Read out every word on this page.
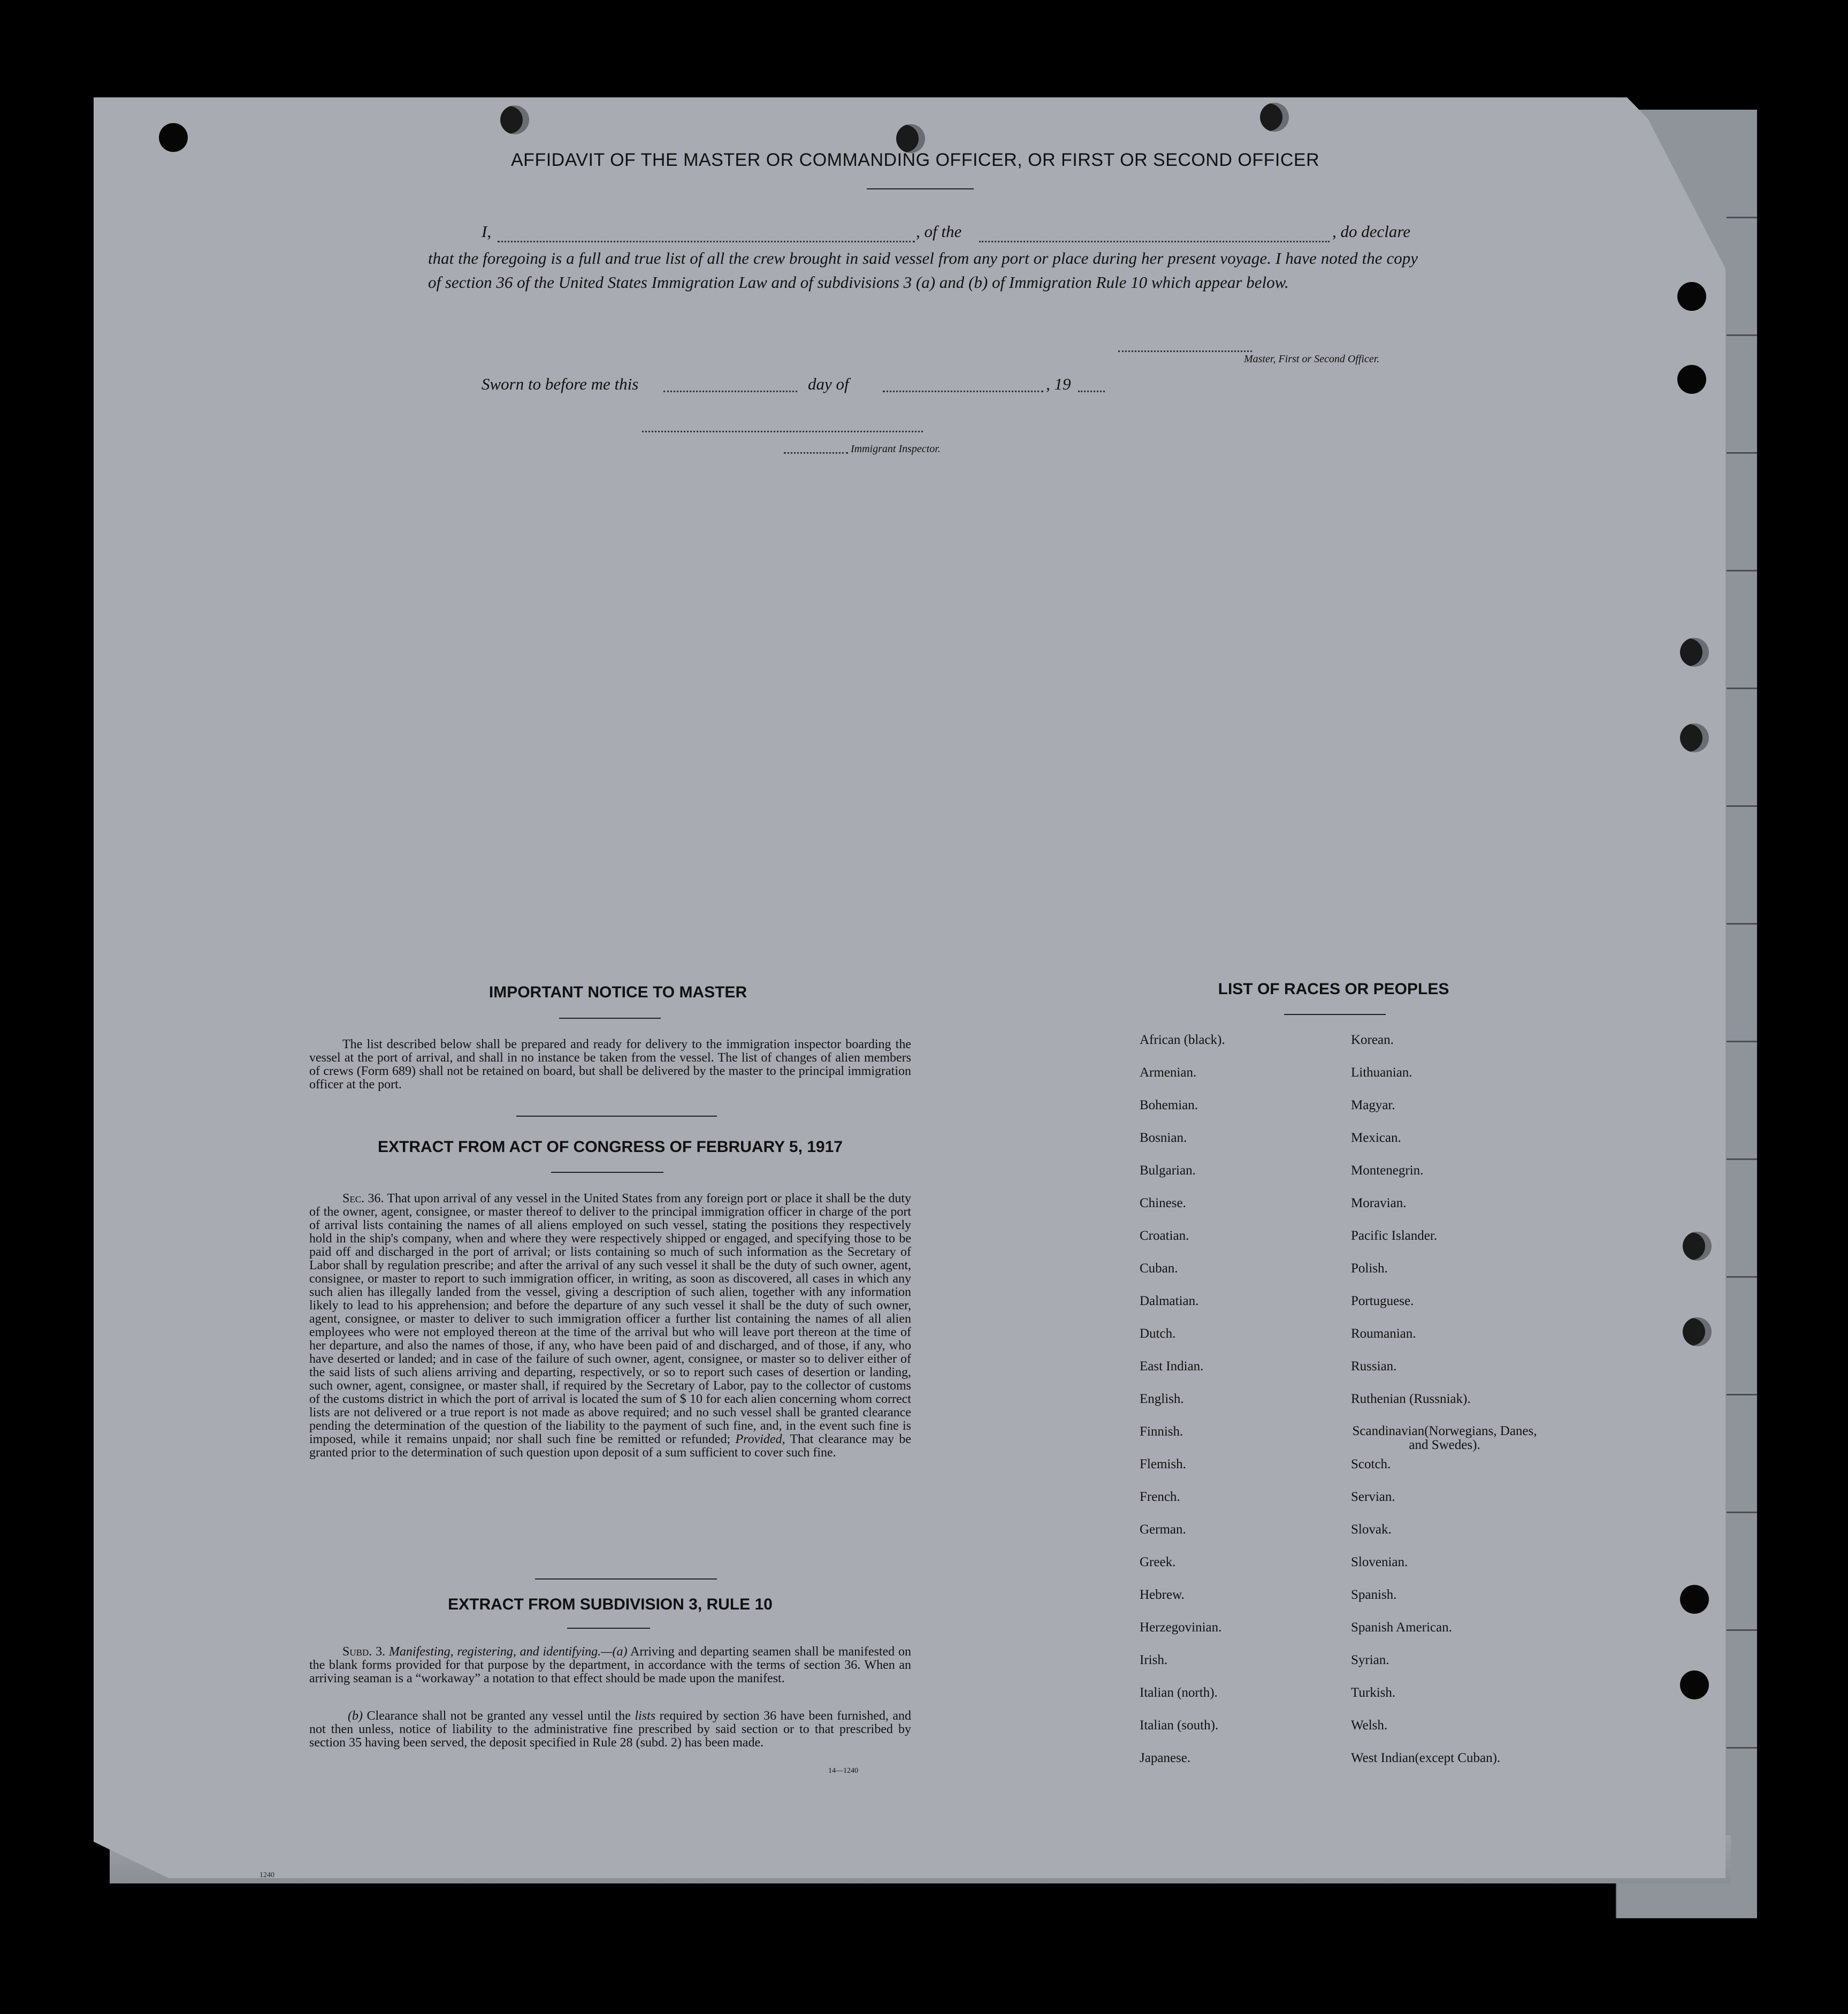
AFFIDAVIT OF THE MASTER OR COMMANDING OFFICER, OR FIRST OR SECOND OFFICER
I,	, of the	, do declare
that the foregoing is a full and true list of all the crew brought in said vessel from any port or place during her present voyage. I have noted the copy of section 36 of the United States Immigration Law and of subdivisions 3 (a) and (b) of Immigration Rule 10 which appear below.
Master, First or Second Officer.
Sworn to before me this	day of	, 19
Immigrant Inspector.
IMPORTANT NOTICE TO MASTER
The list described below shall be prepared and ready for delivery to the immigration inspector boarding the vessel at the port of arrival, and shall in no instance be taken from the vessel. The list of changes of alien members of crews (Form 689) shall not be retained on board, but shall be delivered by the master to the principal immigration officer at the port.
EXTRACT FROM ACT OF CONGRESS OF FEBRUARY 5, 1917
Sec. 36. That upon arrival of any vessel in the United States from any foreign port or place it shall be the duty of the owner, agent, consignee, or master thereof to deliver to the principal immigration officer in charge of the port of arrival lists containing the names of all aliens employed on such vessel, stating the positions they respectively hold in the ship's company, when and where they were respectively shipped or engaged, and specifying those to be paid off and discharged in the port of arrival; or lists containing so much of such information as the Secretary of Labor shall by regulation prescribe; and after the arrival of any such vessel it shall be the duty of such owner, agent, consignee, or master to report to such immigration officer, in writing, as soon as discovered, all cases in which any such alien has illegally landed from the vessel, giving a description of such alien, together with any information likely to lead to his apprehension; and before the departure of any such vessel it shall be the duty of such owner, agent, consignee, or master to deliver to such immigration officer a further list containing the names of all alien employees who were not employed thereon at the time of the arrival but who will leave port thereon at the time of her departure, and also the names of those, if any, who have been paid of and discharged, and of those, if any, who have deserted or landed; and in case of the failure of such owner, agent, consignee, or master so to deliver either of the said lists of such aliens arriving and departing, respectively, or so to report such cases of desertion or landing, such owner, agent, consignee, or master shall, if required by the Secretary of Labor, pay to the collector of customs of the customs district in which the port of arrival is located the sum of $ 10 for each alien concerning whom correct lists are not delivered or a true report is not made as above required; and no such vessel shall be granted clearance pending the determination of the question of the liability to the payment of such fine, and, in the event such fine is imposed, while it remains unpaid; nor shall such fine be remitted or refunded; Provided, That clearance may be granted prior to the determination of such question upon deposit of a sum sufficient to cover such fine.
EXTRACT FROM SUBDIVISION 3, RULE 10
Subd. 3. Manifesting, registering, and identifying.—(a) Arriving and departing seamen shall be manifested on the blank forms provided for that purpose by the department, in accordance with the terms of section 36. When an arriving seaman is a “workaway” a notation to that effect should be made upon the manifest.
(b) Clearance shall not be granted any vessel until the lists required by section 36 have been furnished, and not then unless, notice of liability to the administrative fine prescribed by said section or to that prescribed by section 35 having been served, the deposit specified in Rule 28 (subd. 2) has been made.
14—1240
LIST OF RACES OR PEOPLES
African (black).
Armenian.
Bohemian.
Bosnian.
Bulgarian.
Chinese.
Croatian.
Cuban.
Dalmatian.
Dutch.
East Indian.
English.
Finnish.
Flemish.
French.
German.
Greek.
Hebrew.
Herzegovinian.
Irish.
Italian (north).
Italian (south).
Japanese.
Korean.
Lithuanian.
Magyar.
Mexican.
Montenegrin.
Moravian.
Pacific Islander.
Polish.
Portuguese.
Roumanian.
Russian.
Ruthenian (Russniak).
Scandinavian(Norwegians, Danes, and Swedes).
Scotch.
Servian.
Slovak.
Slovenian.
Spanish.
Spanish American.
Syrian.
Turkish.
Welsh.
West Indian(except Cuban).
1240
